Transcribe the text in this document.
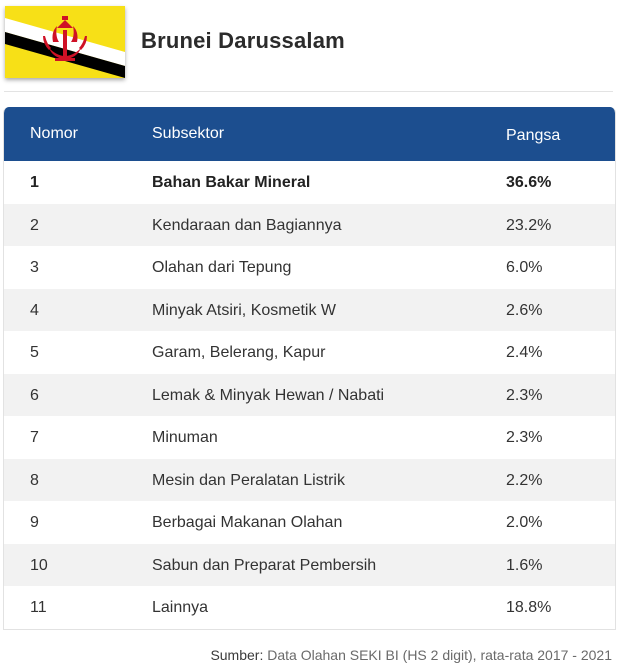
Brunei Darussalam
Nomor	Subsektor	Pangsa
1	Bahan Bakar Mineral	36.6%
2	Kendaraan dan Bagiannya	23.2%
3	Olahan dari Tepung	6.0%
4	Minyak Atsiri, Kosmetik W	2.6%
5	Garam, Belerang, Kapur	2.4%
6	Lemak & Minyak Hewan / Nabati	2.3%
7	Minuman	2.3%
8	Mesin dan Peralatan Listrik	2.2%
9	Berbagai Makanan Olahan	2.0%
10	Sabun dan Preparat Pembersih	1.6%
11	Lainnya	18.8%
Sumber: Data Olahan SEKI BI (HS 2 digit), rata-rata 2017 - 2021
